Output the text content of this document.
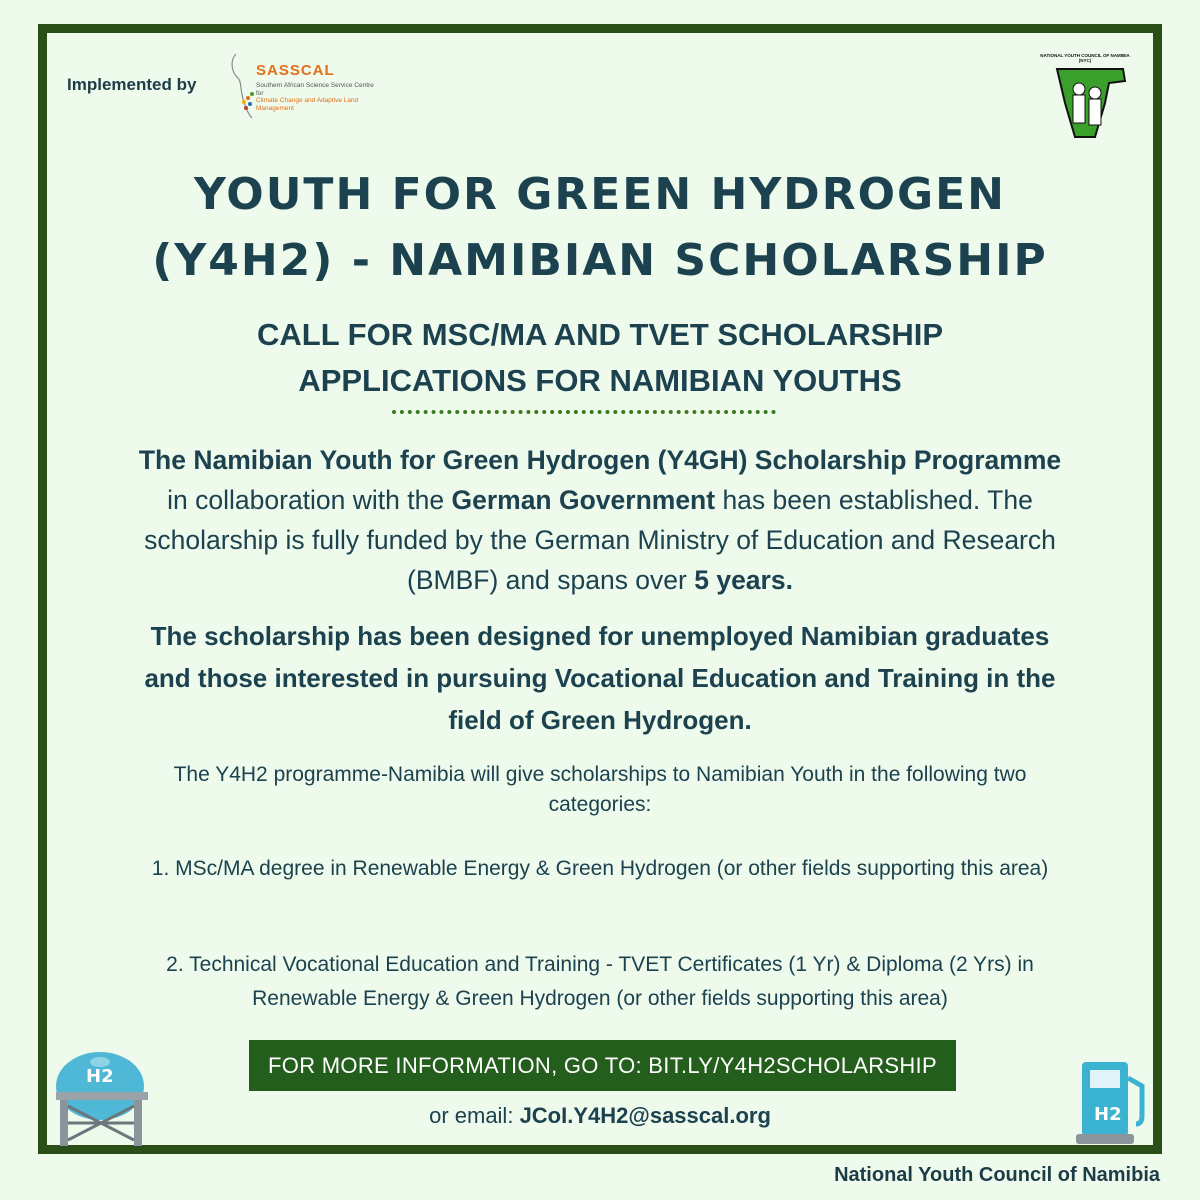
Implemented by
SASSCAL
Southern African Science Service Centre for
Climate Change and Adaptive Land Management
NATIONAL YOUTH COUNCIL OF NAMIBIA (NYC)
YOUTH FOR GREEN HYDROGEN
(Y4H2) - NAMIBIAN SCHOLARSHIP
CALL FOR MSC/MA AND TVET SCHOLARSHIP
APPLICATIONS FOR NAMIBIAN YOUTHS
The Namibian Youth for Green Hydrogen (Y4GH) Scholarship Programme in collaboration with the German Government has been established. The scholarship is fully funded by the German Ministry of Education and Research (BMBF) and spans over 5 years.
The scholarship has been designed for unemployed Namibian graduates and those interested in pursuing Vocational Education and Training in the field of Green Hydrogen.
The Y4H2 programme-Namibia will give scholarships to Namibian Youth in the following two categories:
1. MSc/MA degree in Renewable Energy & Green Hydrogen (or other fields supporting this area)
2. Technical Vocational Education and Training - TVET Certificates (1 Yr) & Diploma (2 Yrs) in Renewable Energy & Green Hydrogen (or other fields supporting this area)
FOR MORE INFORMATION, GO TO: BIT.LY/Y4H2SCHOLARSHIP
or email: JCoI.Y4H2@sasscal.org
H2
H2
National Youth Council of Namibia
